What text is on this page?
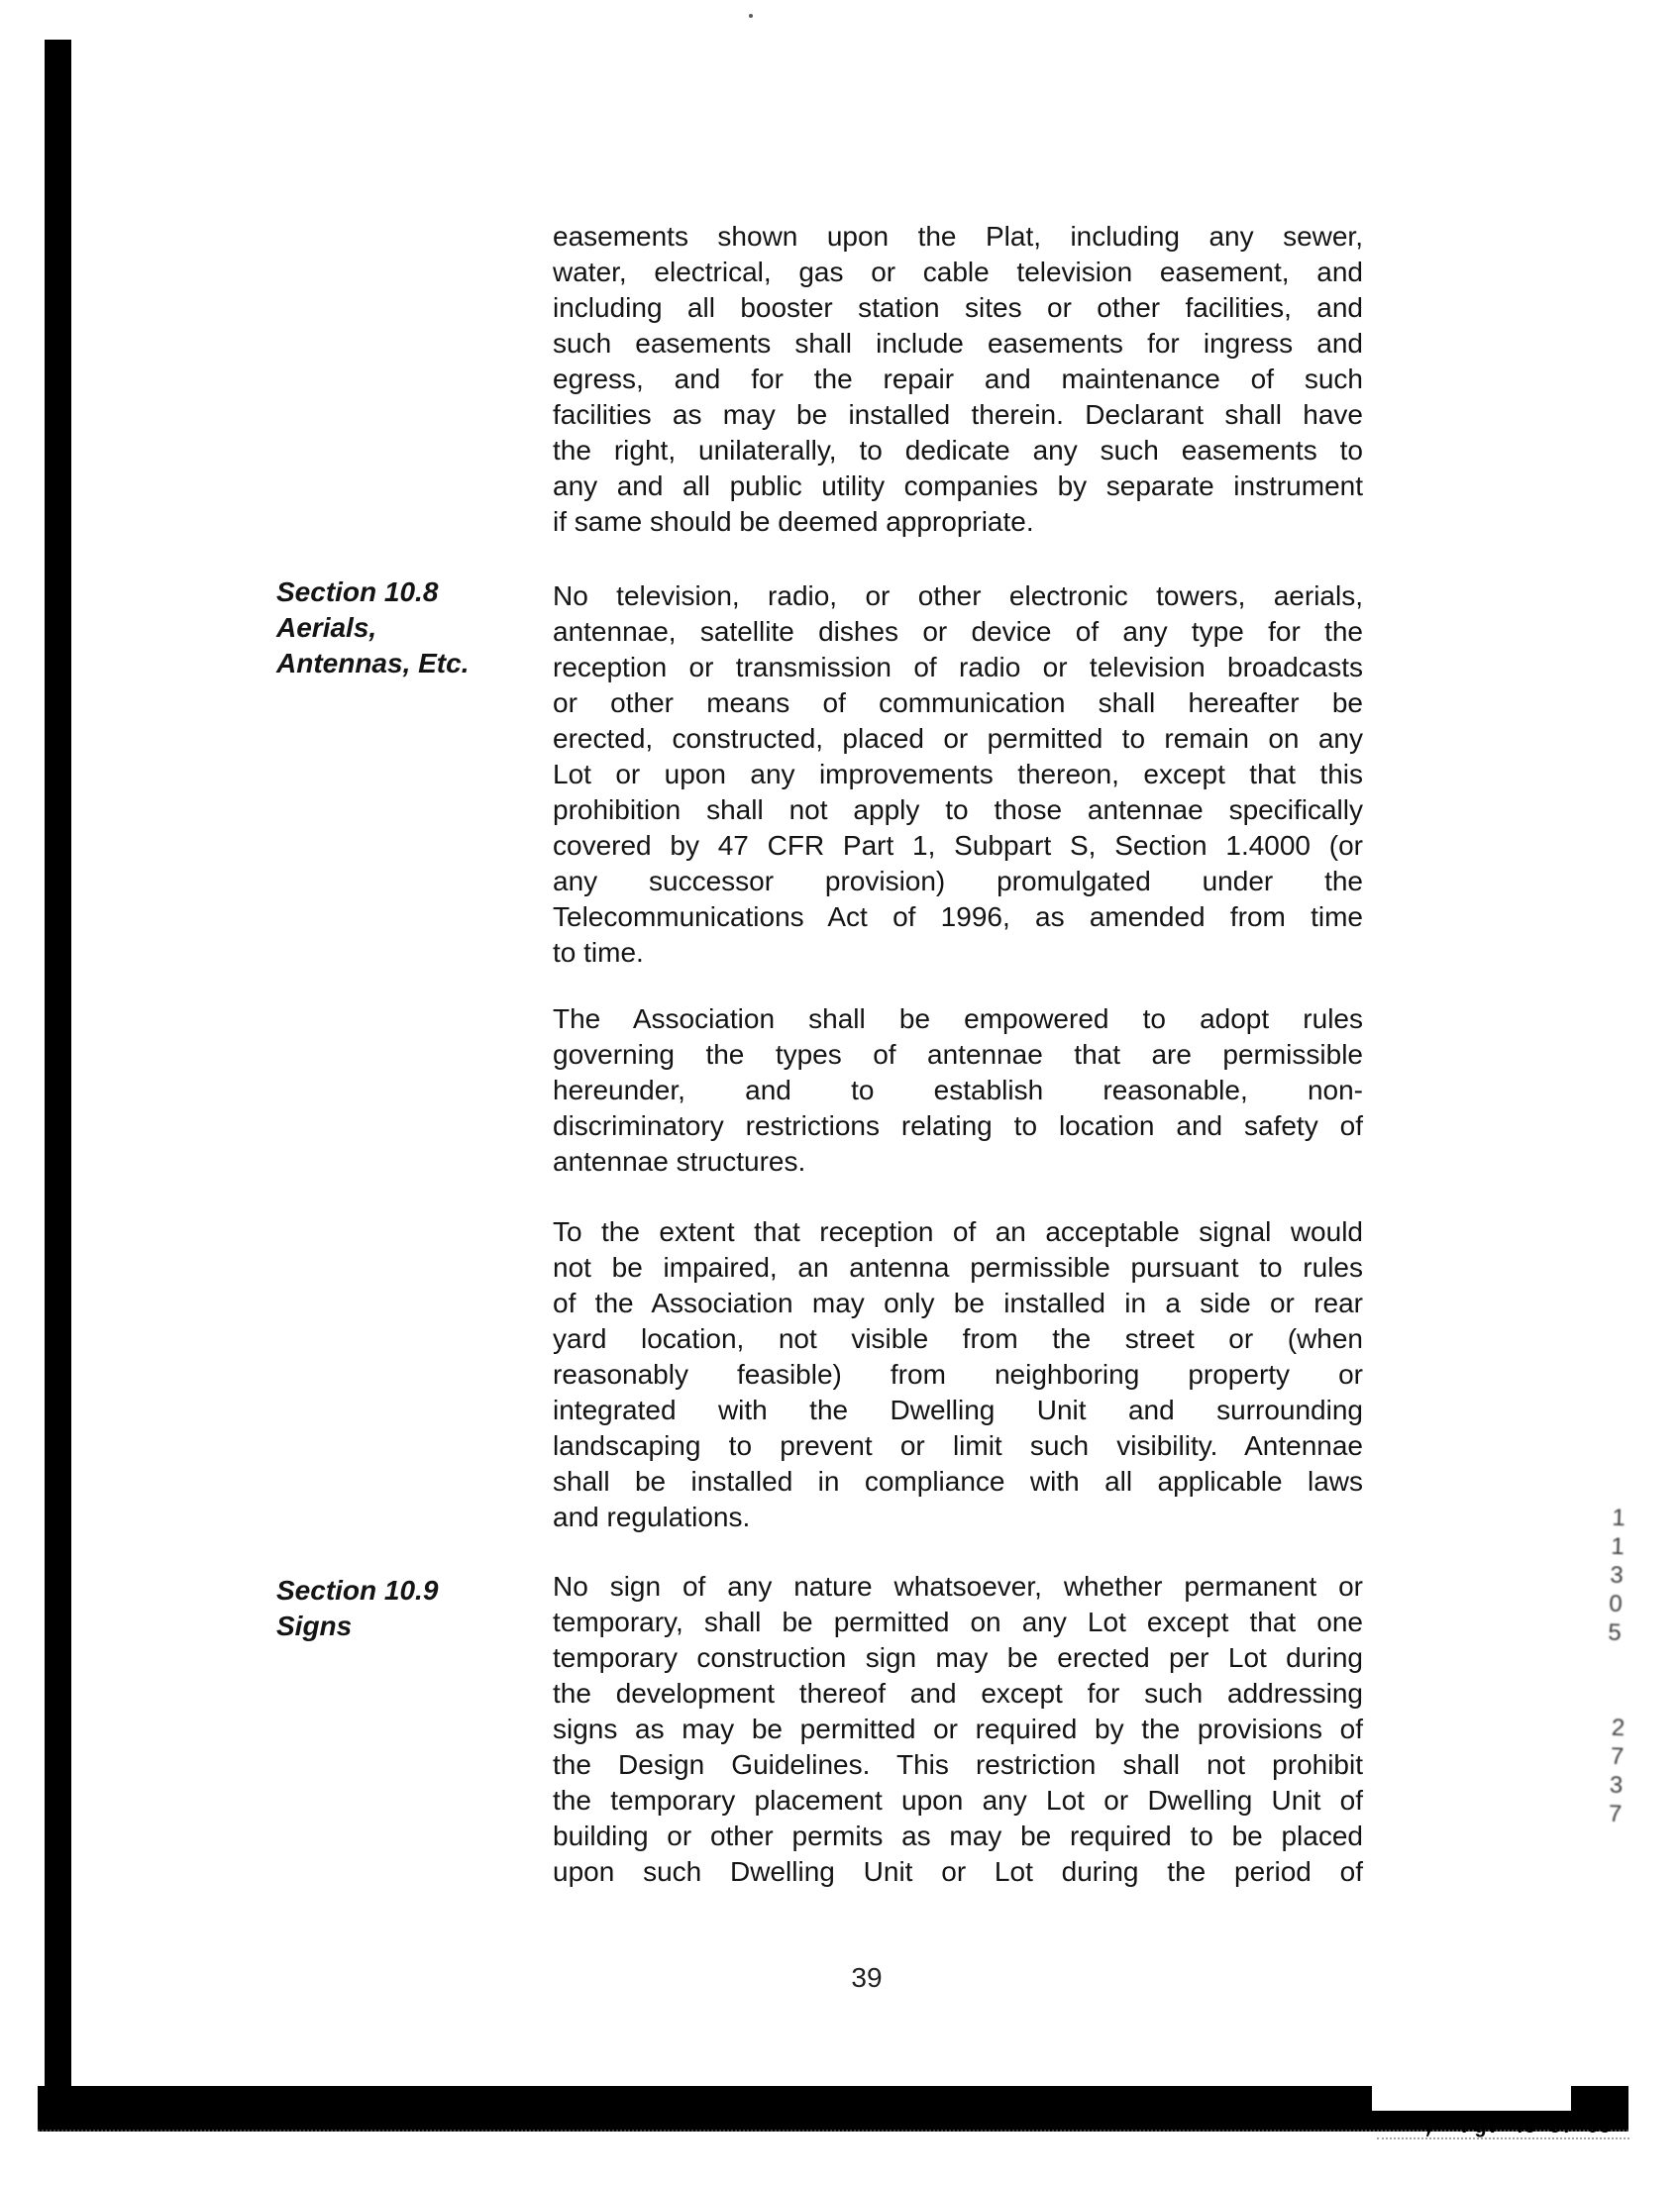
easements shown upon the Plat, including any sewer,
water, electrical, gas or cable television easement, and
including all booster station sites or other facilities, and
such easements shall include easements for ingress and
egress, and for the repair and maintenance of such
facilities as may be installed therein. Declarant shall have
the right, unilaterally, to dedicate any such easements to
any and all public utility companies by separate instrument
if same should be deemed appropriate.
Section 10.8
Aerials,
Antennas, Etc.
No television, radio, or other electronic towers, aerials,
antennae, satellite dishes or device of any type for the
reception or transmission of radio or television broadcasts
or other means of communication shall hereafter be
erected, constructed, placed or permitted to remain on any
Lot or upon any improvements thereon, except that this
prohibition shall not apply to those antennae specifically
covered by 47 CFR Part 1, Subpart S, Section 1.4000 (or
any successor provision) promulgated under the
Telecommunications Act of 1996, as amended from time
to time.
The Association shall be empowered to adopt rules
governing the types of antennae that are permissible
hereunder, and to establish reasonable, non-
discriminatory restrictions relating to location and safety of
antennae structures.
To the extent that reception of an acceptable signal would
not be impaired, an antenna permissible pursuant to rules
of the Association may only be installed in a side or rear
yard location, not visible from the street or (when
reasonably feasible) from neighboring property or
integrated with the Dwelling Unit and surrounding
landscaping to prevent or limit such visibility. Antennae
shall be installed in compliance with all applicable laws
and regulations.
Section 10.9
Signs
No sign of any nature whatsoever, whether permanent or
temporary, shall be permitted on any Lot except that one
temporary construction sign may be erected per Lot during
the development thereof and except for such addressing
signs as may be permitted or required by the provisions of
the Design Guidelines. This restriction shall not prohibit
the temporary placement upon any Lot or Dwelling Unit of
building or other permits as may be required to be placed
upon such Dwelling Unit or Lot during the period of
39
1
1
3
0
5
2
7
3
7

,  Pg: 45 of 65
